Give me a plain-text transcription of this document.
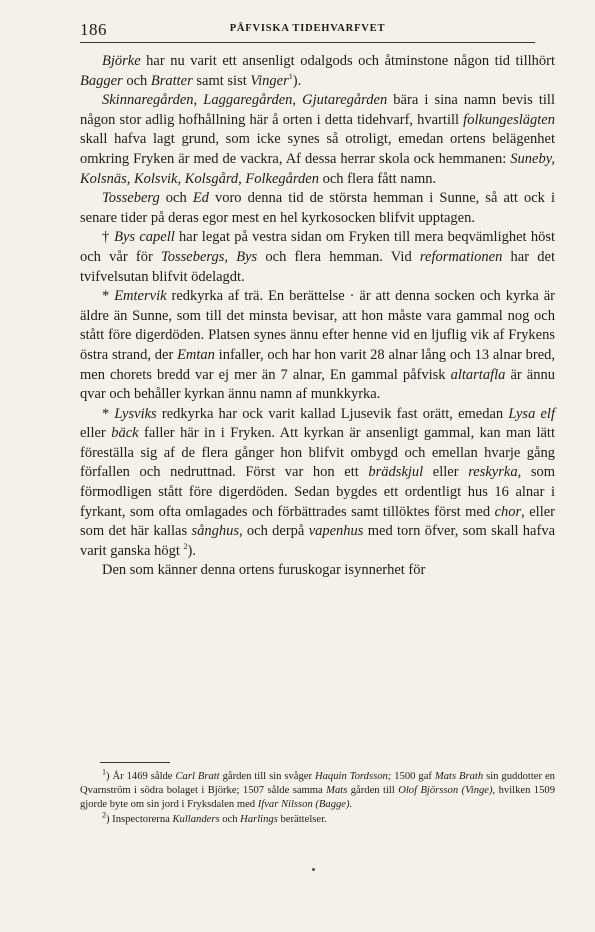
186	PÅFVISKA TIDEHVARFVET

Björke har nu varit ett ansenligt odalgods och åtminstone någon tid tillhört Bagger och Bratter samt sist Vinger$^1$).

Skinnaregården, Laggaregården, Gjutaregården bära i sina namn bevis till någon stor adlig hofhållning här å orten i detta tidehvarf, hvartill folkungeslägten skall hafva lagt grund, som icke synes så otroligt, emedan ortens belägenhet omkring Fryken är med de vackra, Af dessa herrar skola ock hemmanen: Suneby, Kolsnäs, Kolsvik, Kolsgård, Folkegården och flera fått namn.

Tosseberg och Ed voro denna tid de största hemman i Sunne, så att ock i senare tider på deras egor mest en hel kyrkosocken blifvit upptagen.

† Bys capell har legat på vestra sidan om Fryken till mera beqvämlighet höst och vår för Tossebergs, Bys och flera hemman. Vid reformationen har det tvifvelsutan blifvit ödelagdt.

* Emtervik redkyrka af trä. En berättelse · är att denna socken och kyrka är äldre än Sunne, som till det minsta bevisar, att hon måste vara gammal nog och stått före digerdöden. Platsen synes ännu efter henne vid en ljuflig vik af Frykens östra strand, der Emtan infaller, och har hon varit 28 alnar lång och 13 alnar bred, men chorets bredd var ej mer än 7 alnar, En gammal påfvisk altartafla är ännu qvar och behåller kyrkan ännu namn af munkkyrka.

* Lysviks redkyrka har ock varit kallad Ljusevik fast orätt, emedan Lysa elf eller bäck faller här in i Fryken. Att kyrkan är ansenligt gammal, kan man lätt föreställa sig af de flera gånger hon blifvit ombygd och emellan hvarje gång förfallen och nedruttnad. Först var hon ett brädskjul eller reskyrka, som förmodligen stått före digerdöden. Sedan bygdes ett ordentligt hus 16 alnar i fyrkant, som ofta omlagades och förbättrades samt tillöktes först med chor, eller som det här kallas sånghus, och derpå vapenhus med torn öfver, som skall hafva varit ganska högt $^2$).

Den som känner denna ortens furuskogar isynnerhet för

$^1$) År 1469 sålde Carl Bratt gården till sin svåger Haquin Tordsson; 1500 gaf Mats Brath sin guddotter en Qvarnström i södra bolaget i Björke; 1507 sålde samma Mats gården till Olof Björsson (Vinge), hvilken 1509 gjorde byte om sin jord i Fryksdalen med Ifvar Nilsson (Bagge).

$^2$) Inspectorerna Kullanders och Harlings berättelser.
